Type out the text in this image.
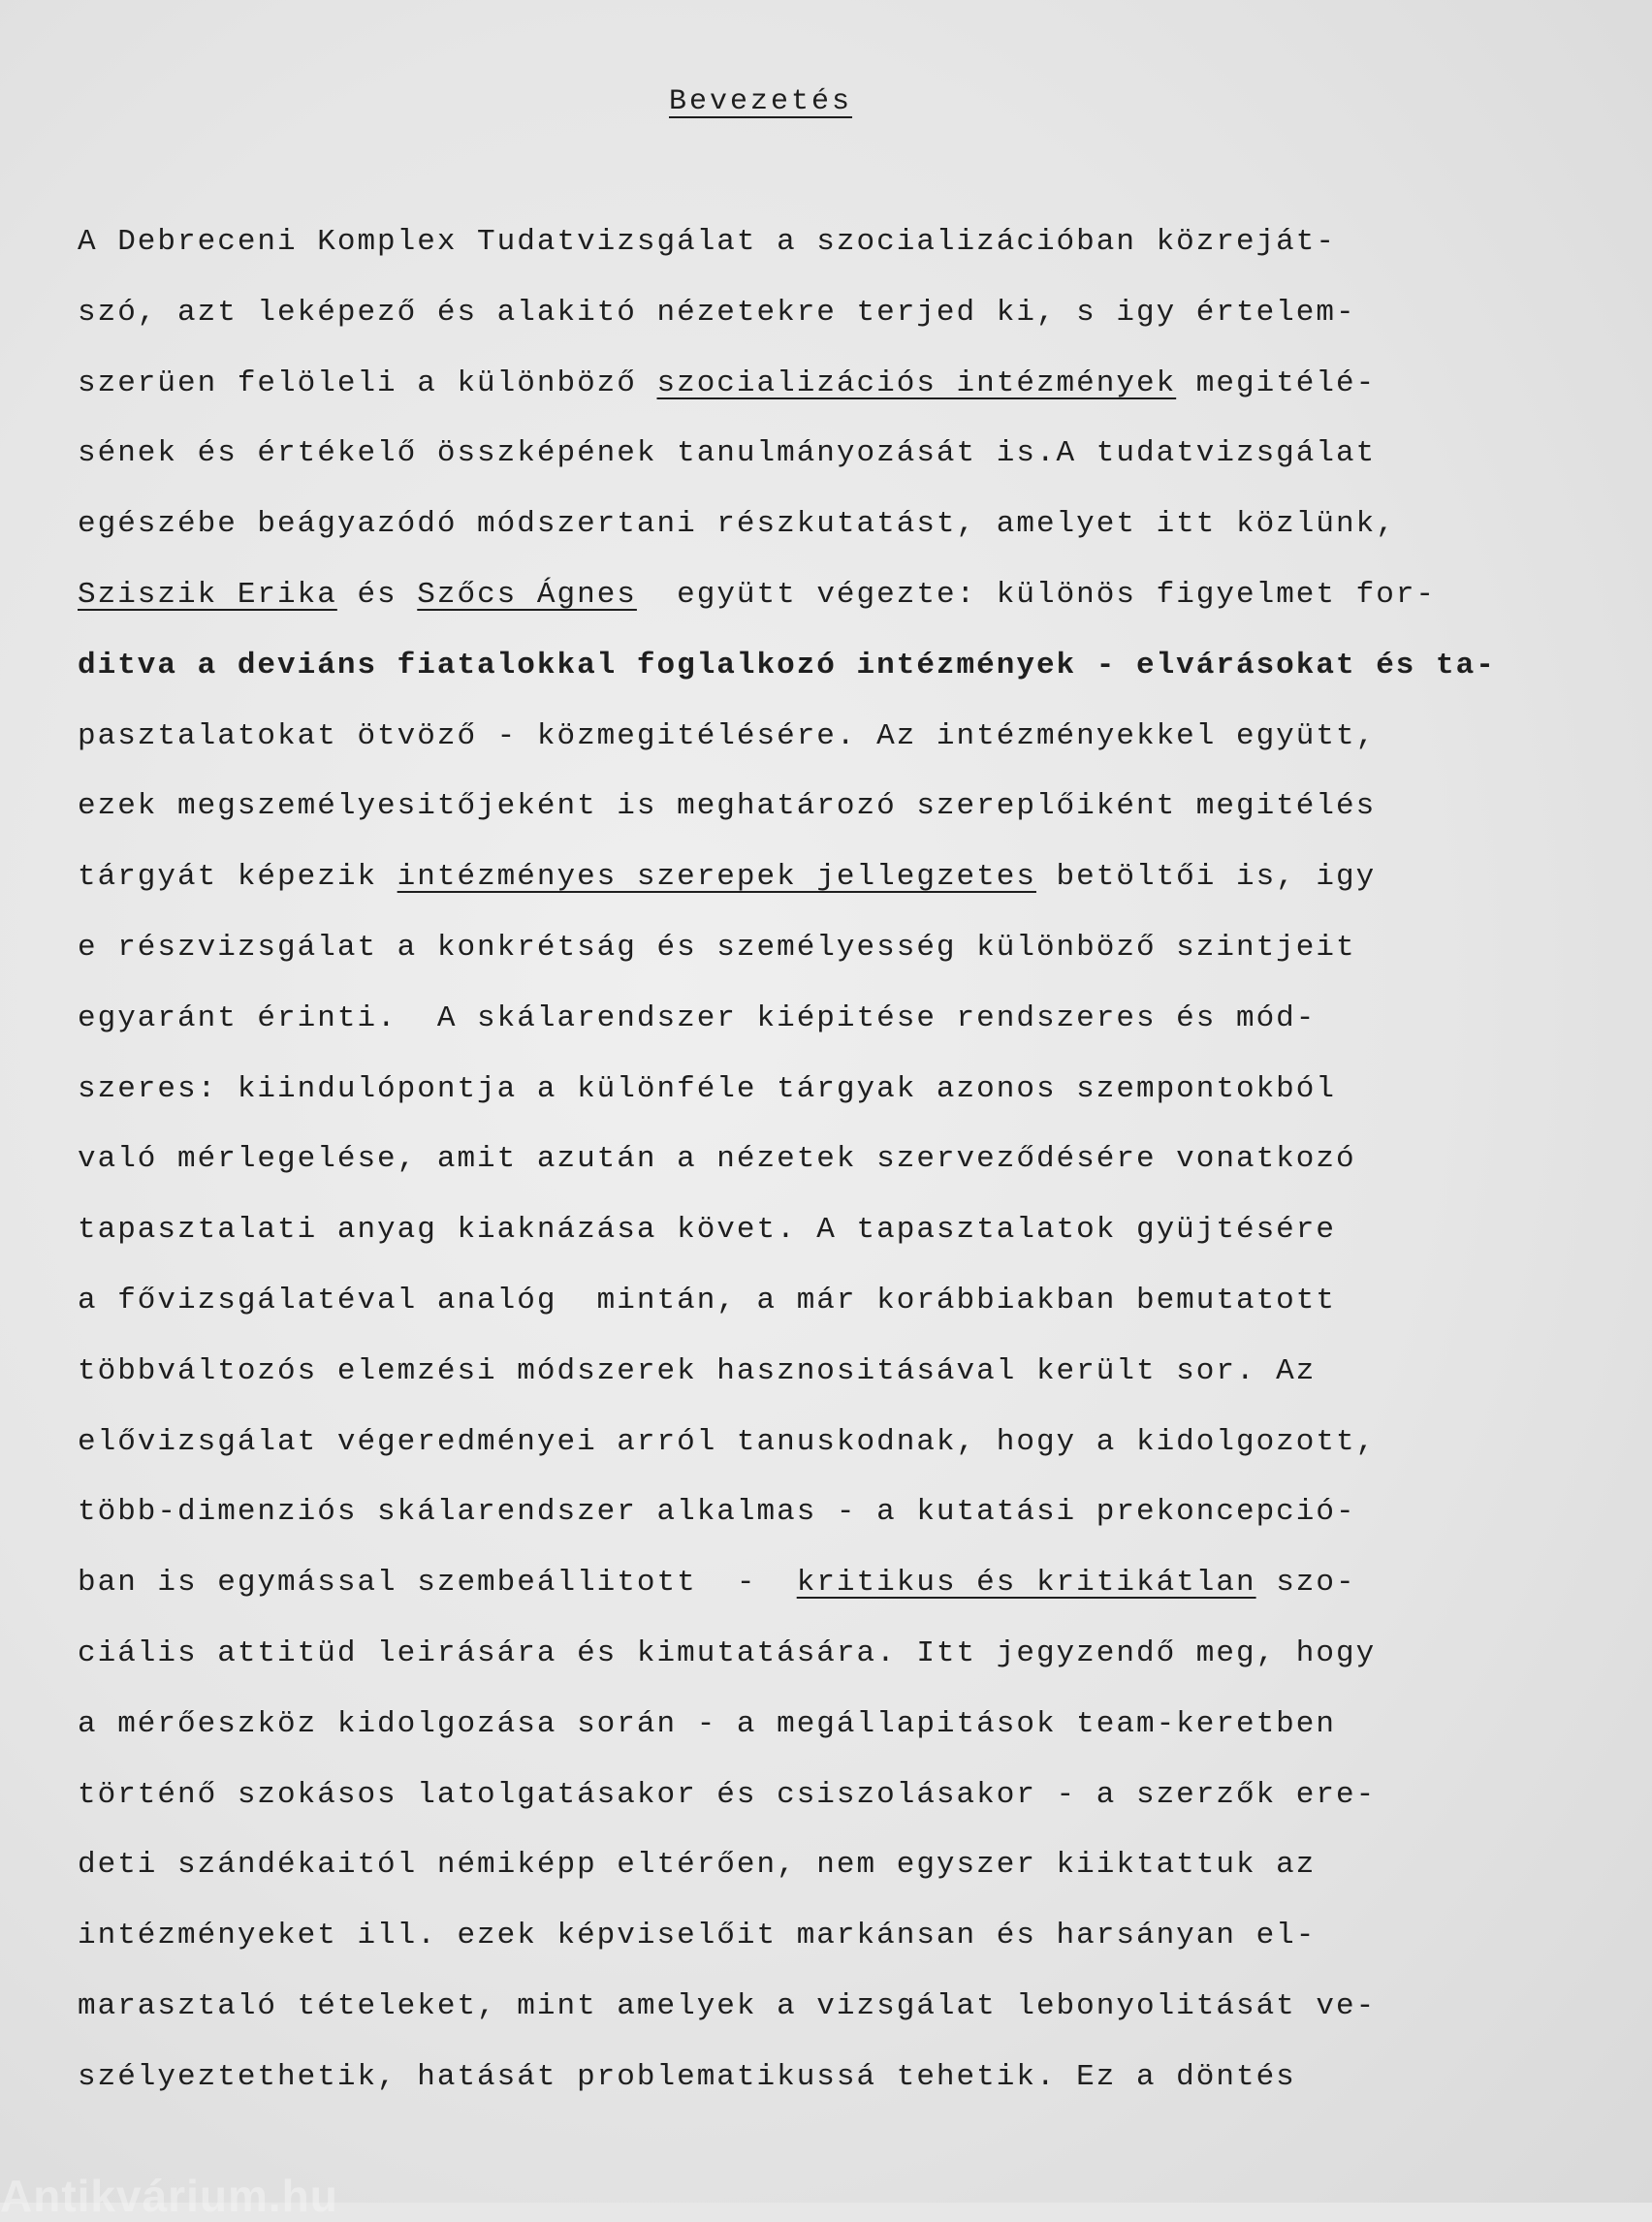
Bevezetés
A Debreceni Komplex Tudatvizsgálat a szocializációban közreját-
szó, azt leképező és alakitó nézetekre terjed ki, s igy értelem-
szerüen felöleli a különböző szocializációs intézmények megitélé-
sének és értékelő összképének tanulmányozását is.A tudatvizsgálat
egészébe beágyazódó módszertani részkutatást, amelyet itt közlünk,
Sziszik Erika és Szőcs Ágnes  együtt végezte: különös figyelmet for-
ditva a deviáns fiatalokkal foglalkozó intézmények - elvárásokat és ta-
pasztalatokat ötvöző - közmegitélésére. Az intézményekkel együtt,
ezek megszemélyesitőjeként is meghatározó szereplőiként megitélés
tárgyát képezik intézményes szerepek jellegzetes betöltői is, igy
e részvizsgálat a konkrétság és személyesség különböző szintjeit
egyaránt érinti.  A skálarendszer kiépitése rendszeres és mód-
szeres: kiindulópontja a különféle tárgyak azonos szempontokból
való mérlegelése, amit azután a nézetek szerveződésére vonatkozó
tapasztalati anyag kiaknázása követ. A tapasztalatok gyüjtésére
a fővizsgálatéval analóg  mintán, a már korábbiakban bemutatott
többváltozós elemzési módszerek hasznositásával került sor. Az
elővizsgálat végeredményei arról tanuskodnak, hogy a kidolgozott,
több-dimenziós skálarendszer alkalmas - a kutatási prekoncepció-
ban is egymással szembeállitott  -  kritikus és kritikátlan szo-
ciális attitüd leirására és kimutatására. Itt jegyzendő meg, hogy
a mérőeszköz kidolgozása során - a megállapitások team-keretben
történő szokásos latolgatásakor és csiszolásakor - a szerzők ere-
deti szándékaitól némiképp eltérően, nem egyszer kiiktattuk az
intézményeket ill. ezek képviselőit markánsan és harsányan el-
marasztaló tételeket, mint amelyek a vizsgálat lebonyolitását ve-
szélyeztethetik, hatását problematikussá tehetik. Ez a döntés
Antikvárium.hu
